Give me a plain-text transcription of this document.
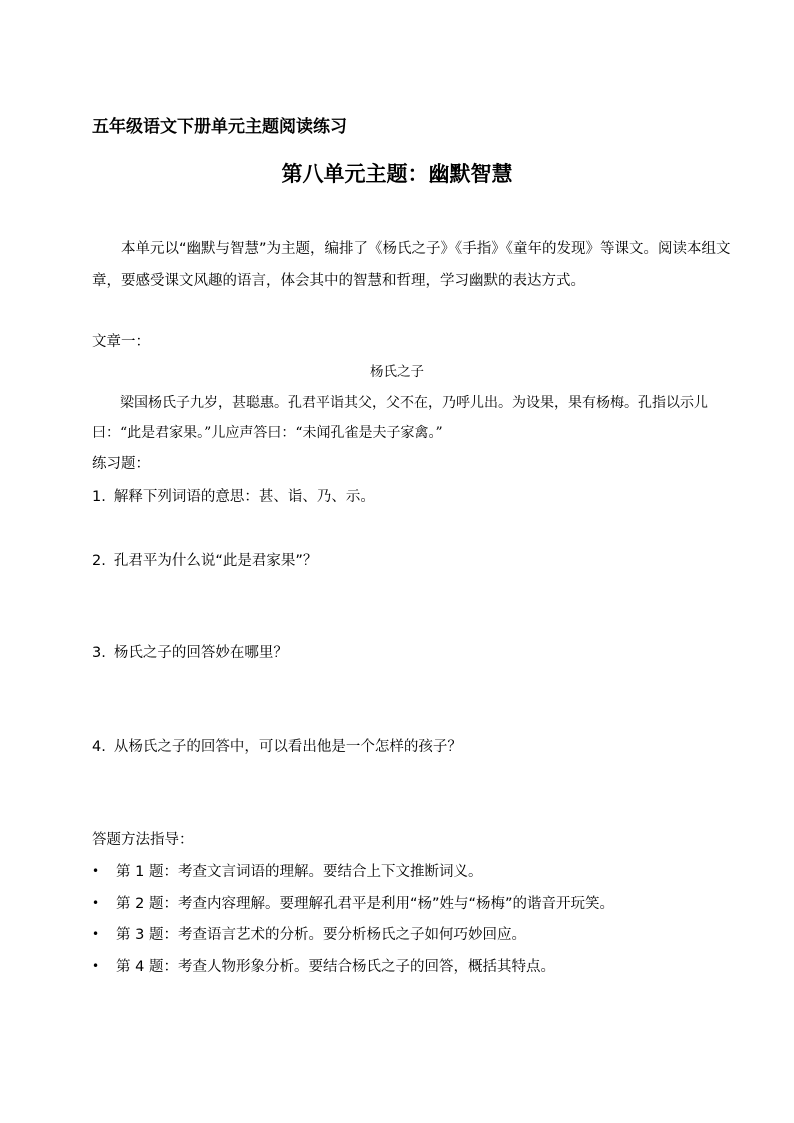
五年级语文下册单元主题阅读练习
第八单元主题：幽默智慧
本单元以“幽默与智慧”为主题，编排了《杨氏之子》《手指》《童年的发现》等课文。阅读本组文章，要感受课文风趣的语言，体会其中的智慧和哲理，学习幽默的表达方式。
文章一：
杨氏之子
梁国杨氏子九岁，甚聪惠。孔君平诣其父，父不在，乃呼儿出。为设果，果有杨梅。孔指以示儿曰：“此是君家果。”儿应声答曰：“未闻孔雀是夫子家禽。”
练习题：
1. 解释下列词语的意思：甚、诣、乃、示。
2. 孔君平为什么说“此是君家果”？
3. 杨氏之子的回答妙在哪里？
4. 从杨氏之子的回答中，可以看出他是一个怎样的孩子？
答题方法指导：
• 第 1 题：考查文言词语的理解。要结合上下文推断词义。
• 第 2 题：考查内容理解。要理解孔君平是利用“杨”姓与“杨梅”的谐音开玩笑。
• 第 3 题：考查语言艺术的分析。要分析杨氏之子如何巧妙回应。
• 第 4 题：考查人物形象分析。要结合杨氏之子的回答，概括其特点。
